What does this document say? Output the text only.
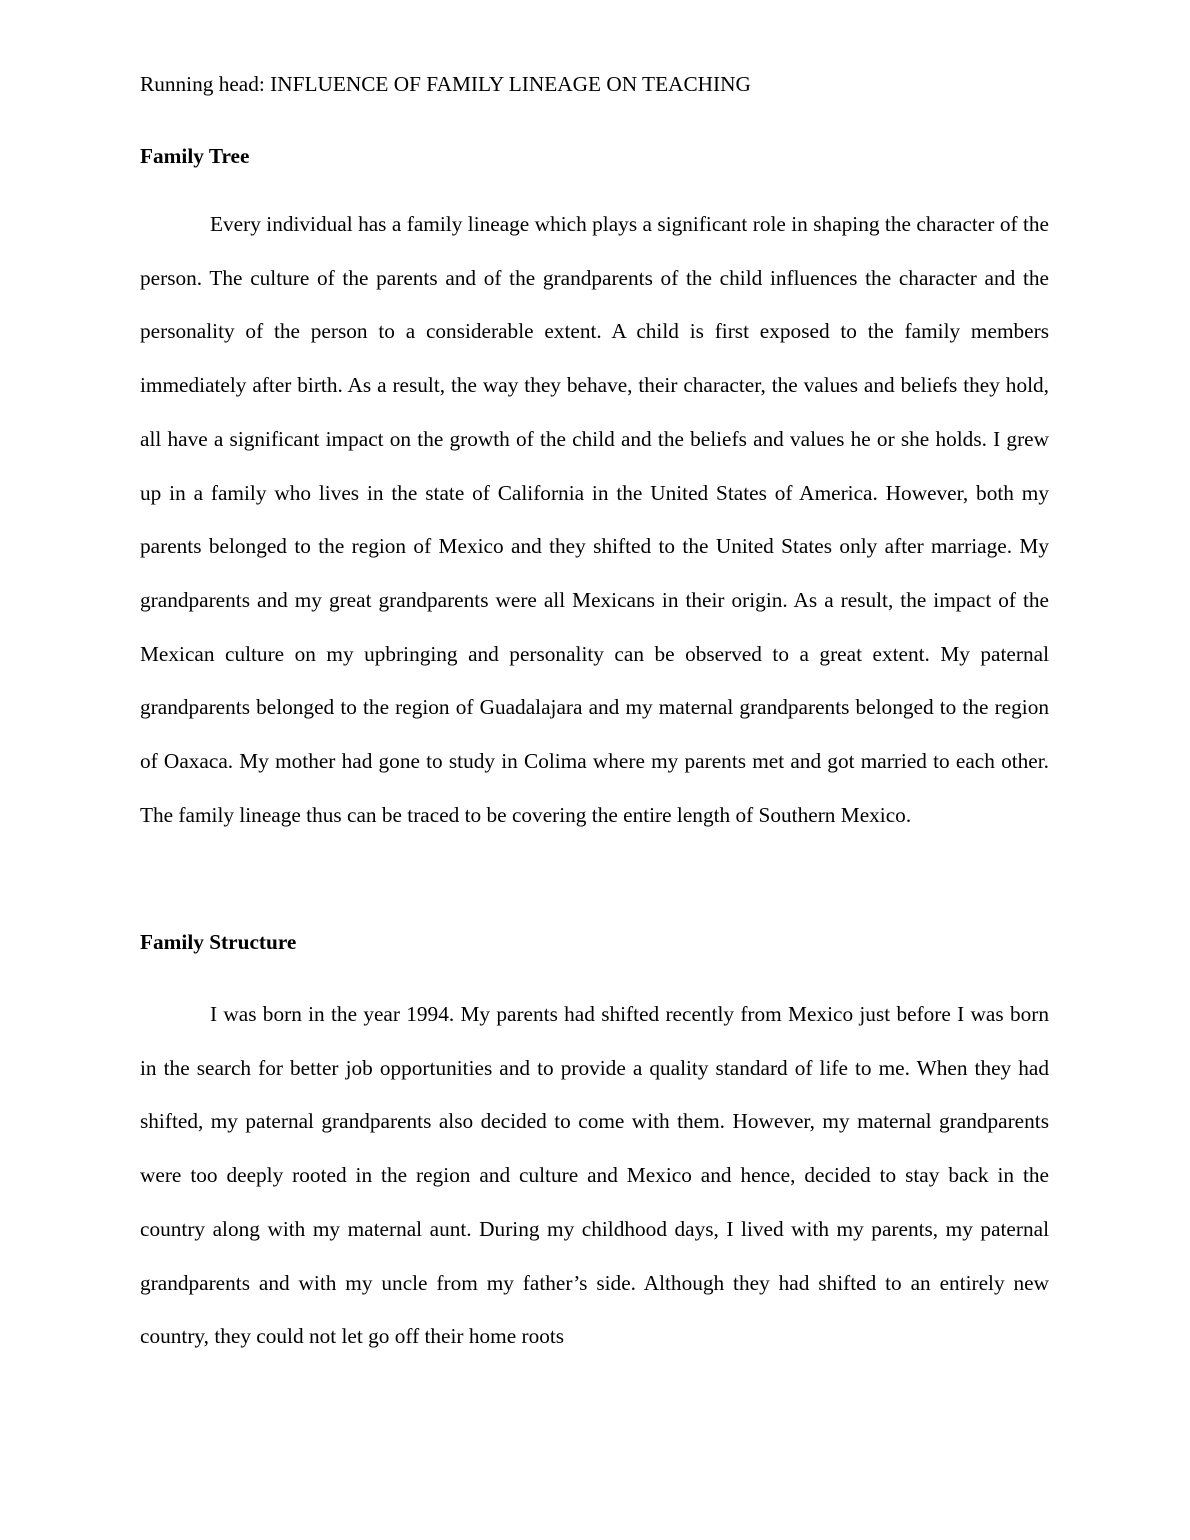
Running head: INFLUENCE OF FAMILY LINEAGE ON TEACHING
Family Tree

Every individual has a family lineage which plays a significant role in shaping the character of the person. The culture of the parents and of the grandparents of the child influences the character and the personality of the person to a considerable extent. A child is first exposed to the family members immediately after birth. As a result, the way they behave, their character, the values and beliefs they hold, all have a significant impact on the growth of the child and the beliefs and values he or she holds. I grew up in a family who lives in the state of California in the United States of America. However, both my parents belonged to the region of Mexico and they shifted to the United States only after marriage. My grandparents and my great grandparents were all Mexicans in their origin. As a result, the impact of the Mexican culture on my upbringing and personality can be observed to a great extent. My paternal grandparents belonged to the region of Guadalajara and my maternal grandparents belonged to the region of Oaxaca. My mother had gone to study in Colima where my parents met and got married to each other. The family lineage thus can be traced to be covering the entire length of Southern Mexico.

Family Structure

I was born in the year 1994. My parents had shifted recently from Mexico just before I was born in the search for better job opportunities and to provide a quality standard of life to me. When they had shifted, my paternal grandparents also decided to come with them. However, my maternal grandparents were too deeply rooted in the region and culture and Mexico and hence, decided to stay back in the country along with my maternal aunt. During my childhood days, I lived with my parents, my paternal grandparents and with my uncle from my father’s side. Although they had shifted to an entirely new country, they could not let go off their home roots
